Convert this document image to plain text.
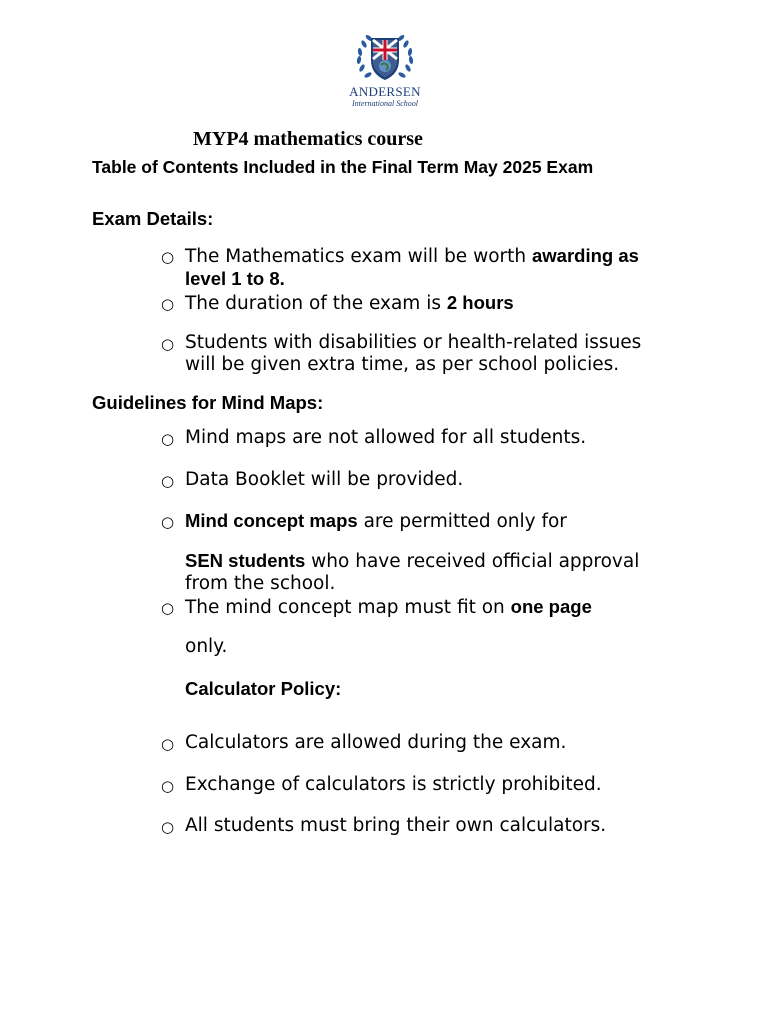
ANDERSEN
International School
MYP4 mathematics course
Table of Contents Included in the Final Term May 2025 Exam
Exam Details:
○ The Mathematics exam will be worth awarding as
level 1 to 8.
○ The duration of the exam is 2 hours
○ Students with disabilities or health-related issues
will be given extra time, as per school policies.
Guidelines for Mind Maps:
○ Mind maps are not allowed for all students.
○ Data Booklet will be provided.
○ Mind concept maps are permitted only for
SEN students who have received official approval
from the school.
○ The mind concept map must fit on one page
only.
Calculator Policy:
○ Calculators are allowed during the exam.
○ Exchange of calculators is strictly prohibited.
○ All students must bring their own calculators.
